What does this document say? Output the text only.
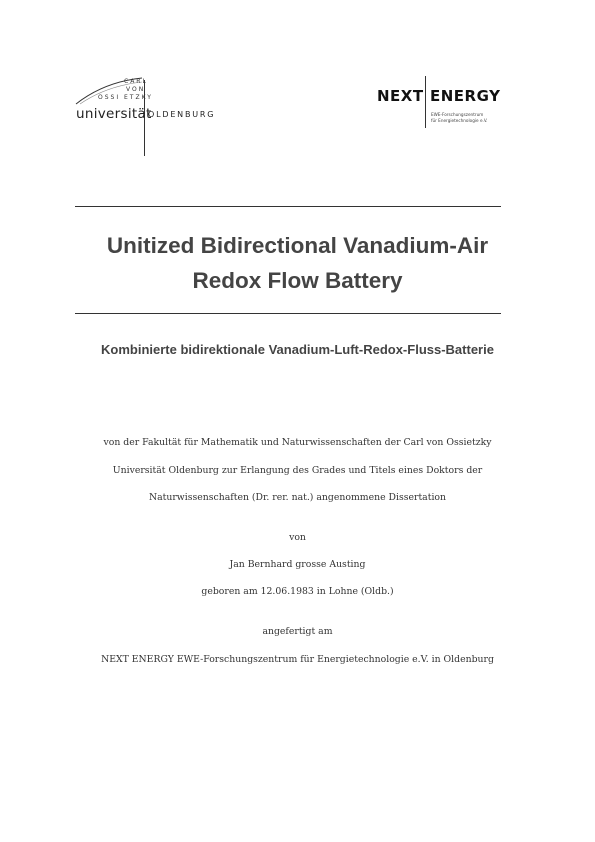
CARL
VON
OSSI ETZKY
universität
OLDENBURG
NEXT ENERGY
EWE-Forschungszentrum
für Energietechnologie e.V.
Unitized Bidirectional Vanadium-Air
Redox Flow Battery
Kombinierte bidirektionale Vanadium-Luft-Redox-Fluss-Batterie
von der Fakultät für Mathematik und Naturwissenschaften der Carl von Ossietzky
Universität Oldenburg zur Erlangung des Grades und Titels eines Doktors der
Naturwissenschaften (Dr. rer. nat.) angenommene Dissertation
von
Jan Bernhard grosse Austing
geboren am 12.06.1983 in Lohne (Oldb.)
angefertigt am
NEXT ENERGY EWE-Forschungszentrum für Energietechnologie e.V. in Oldenburg
